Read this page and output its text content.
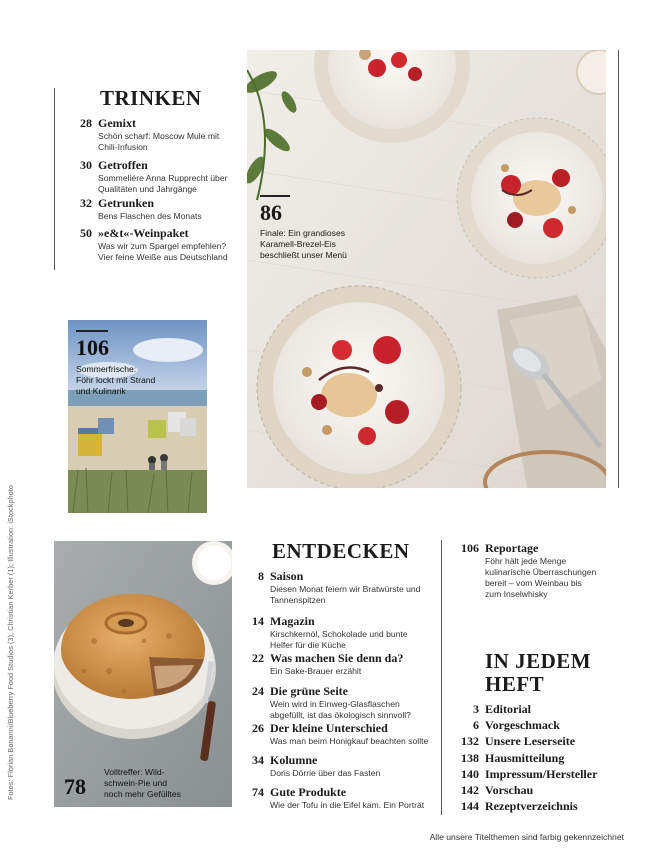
Fotos: Florian Bonanni/Blueberry Food Studios (3), Christian Kerber (1); Illustration: iStockphoto
TRINKEN
28 Gemixt
Schön scharf: Moscow Mule mit
Chili-Infusion
30 Getroffen
Sommeliére Anna Rupprecht über
Qualitäten und Jahrgänge
32 Getrunken
Bens Flaschen des Monats
50 »e&t«-Weinpaket
Was wir zum Spargel empfehlen?
Vier feine Weiße aus Deutschland
86
Finale: Ein grandioses
Karamell-Brezel-Eis
beschließt unser Menü
106
Sommerfrische:
Föhr lockt mit Strand
und Kulinarik
78
Volltreffer: Wild-
schwein-Pie und
noch mehr Gefülltes
ENTDECKEN
8 Saison
Diesen Monat feiern wir Bratwürste und
Tannenspitzen
14 Magazin
Kirschkernöl, Schokolade und bunte
Helfer für die Küche
22 Was machen Sie denn da?
Ein Sake-Brauer erzählt
24 Die grüne Seite
Wein wird in Einweg-Glasflaschen
abgefüllt, ist das ökologisch sinnvoll?
26 Der kleine Unterschied
Was man beim Honigkauf beachten sollte
34 Kolumne
Doris Dörrie über das Fasten
74 Gute Produkte
Wie der Tofu in die Eifel kam. Ein Porträt
106 Reportage
Föhr hält jede Menge
kulinarische Überraschungen
bereit – vom Weinbau bis
zum Inselwhisky
IN JEDEM
HEFT
3 Editorial
6 Vorgeschmack
132 Unsere Leserseite
138 Hausmitteilung
140 Impressum/Hersteller
142 Vorschau
144 Rezeptverzeichnis
Alle unsere Titelthemen sind farbig gekennzeichnet
